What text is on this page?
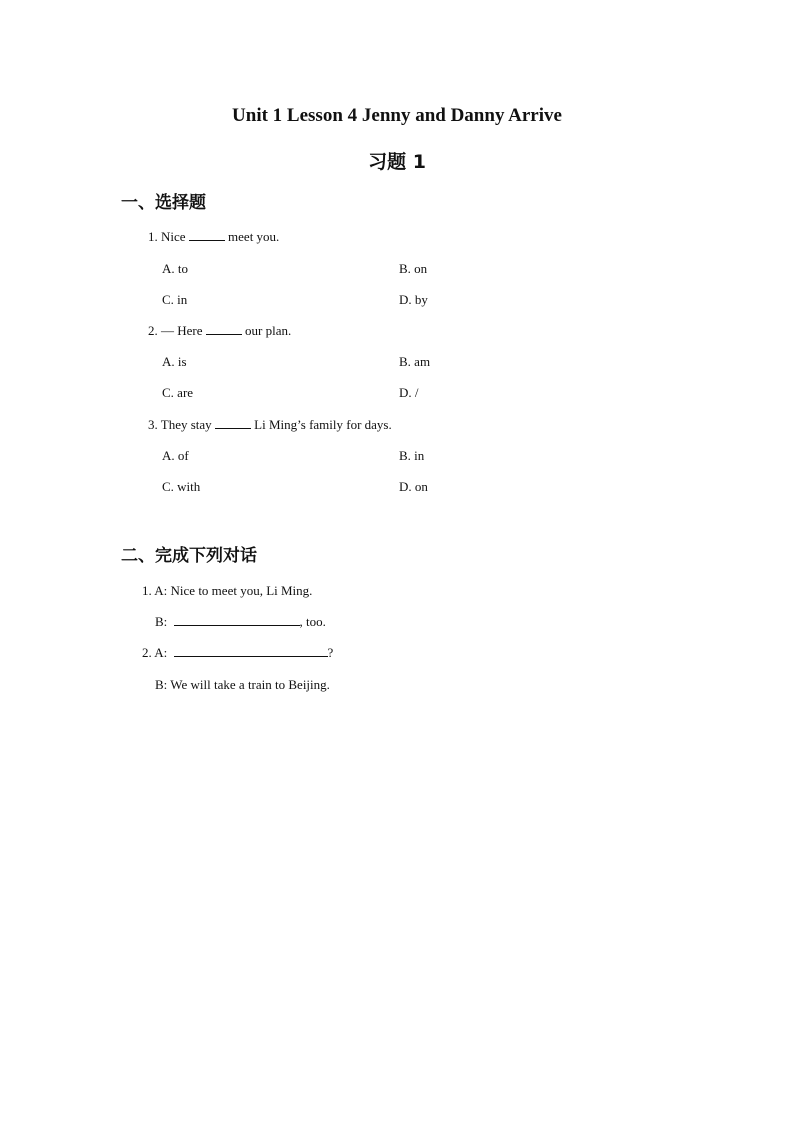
Unit 1 Lesson 4 Jenny and Danny Arrive
习题 1
一、选择题
1. Nice	meet you.
A. to	B. on
C. in	D. by
2. — Here	our plan.
A. is	B. am
C. are	D. /
3. They stay	Li Ming’s family for days.
A. of	B. in
C. with	D. on
二、完成下列对话
1. A: Nice to meet you, Li Ming.
B:	, too.
2. A:	?
B: We will take a train to Beijing.
